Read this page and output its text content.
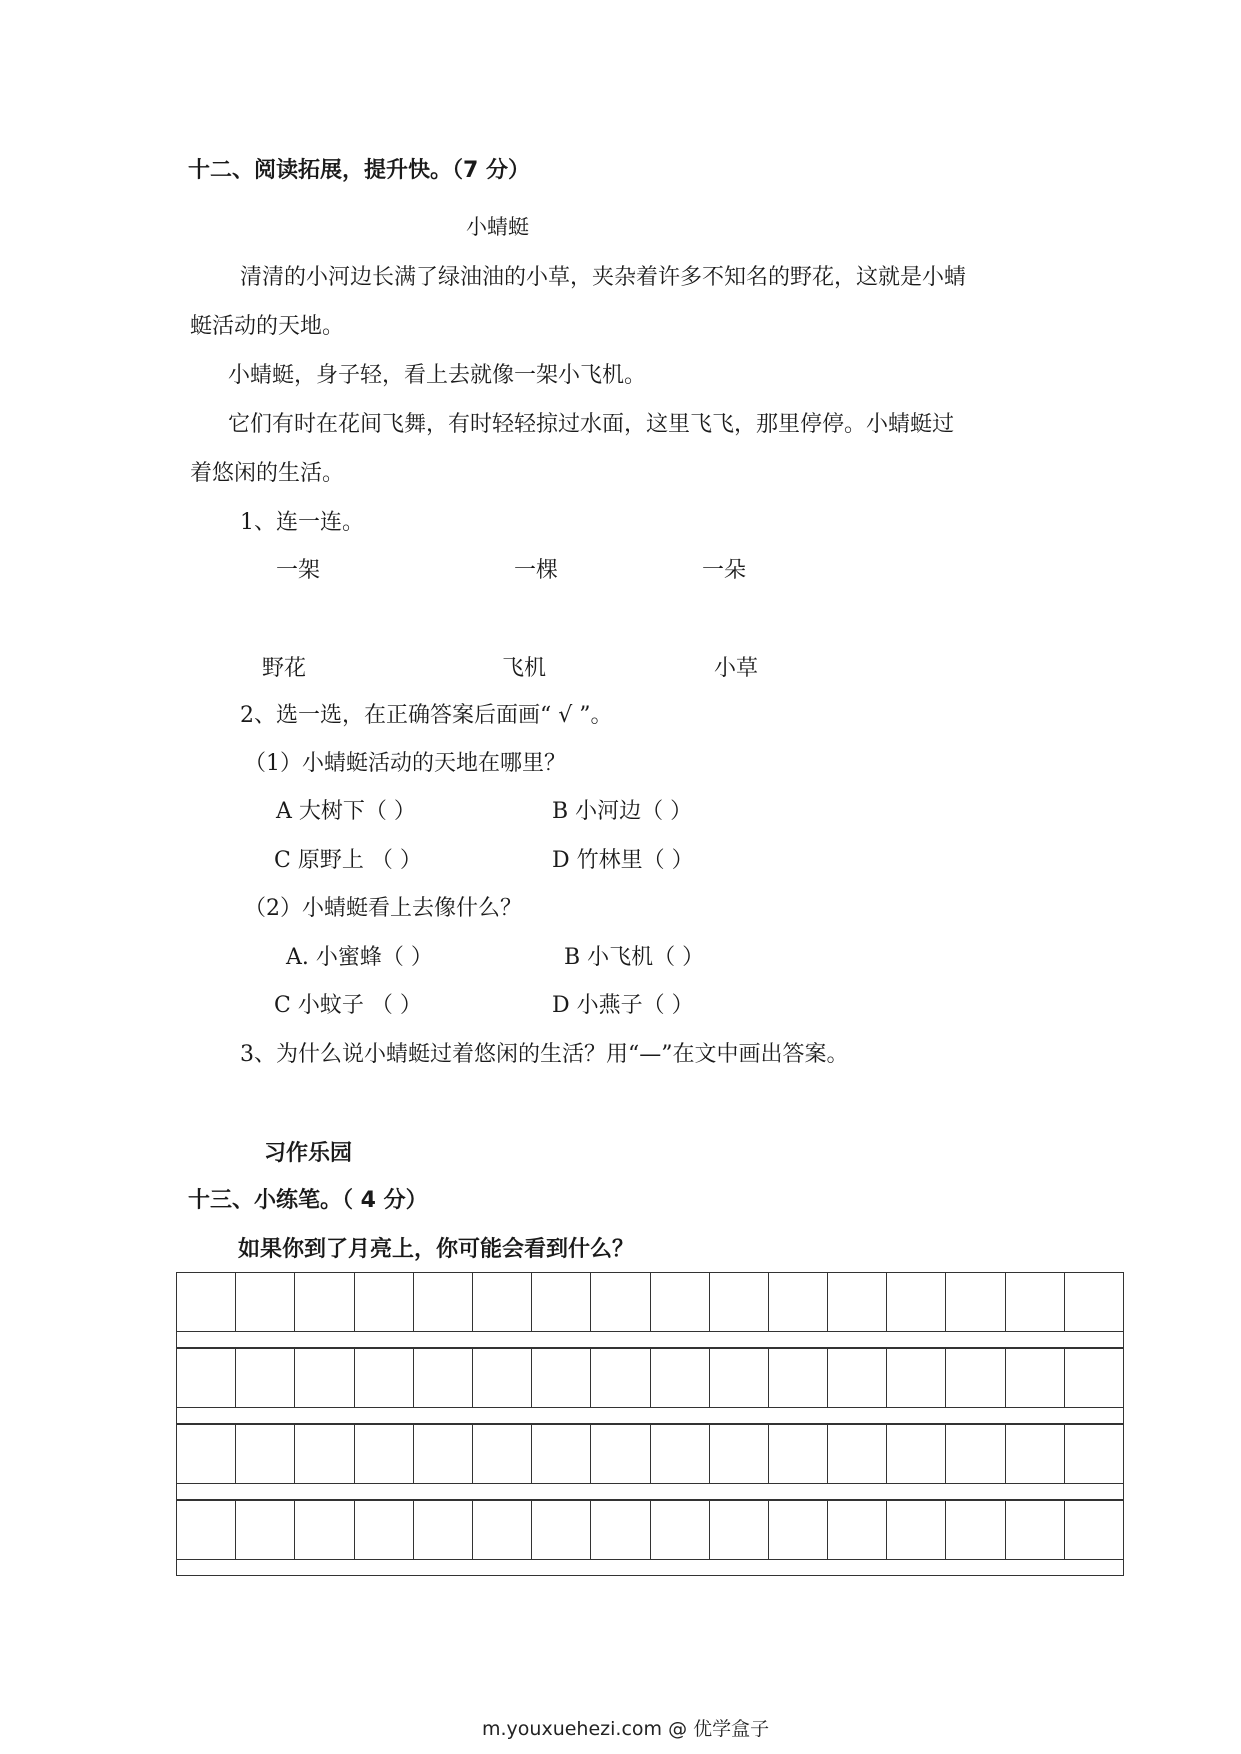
十二、阅读拓展，提升快。（7 分）
小蜻蜓
清清的小河边长满了绿油油的小草，夹杂着许多不知名的野花，这就是小蜻
蜓活动的天地。
小蜻蜓，身子轻，看上去就像一架小飞机。
它们有时在花间飞舞，有时轻轻掠过水面，这里飞飞，那里停停。小蜻蜓过
着悠闲的生活。
1、连一连。
一架	一棵	一朵
野花	飞机	小草
2、选一选，在正确答案后面画“ √ ”。
（1）小蜻蜓活动的天地在哪里？
A 大树下（ ）	B 小河边（ ）
C 原野上 （ ）	D 竹林里（ ）
（2）小蜻蜓看上去像什么？
A. 小蜜蜂（ ）	B 小飞机（ ）
C 小蚊子 （ ）	D 小燕子（ ）
3、为什么说小蜻蜓过着悠闲的生活？用“—”在文中画出答案。
习作乐园
十三、小练笔。（ 4 分）
如果你到了月亮上，你可能会看到什么？
m.youxuehezi.com @ 优学盒子
